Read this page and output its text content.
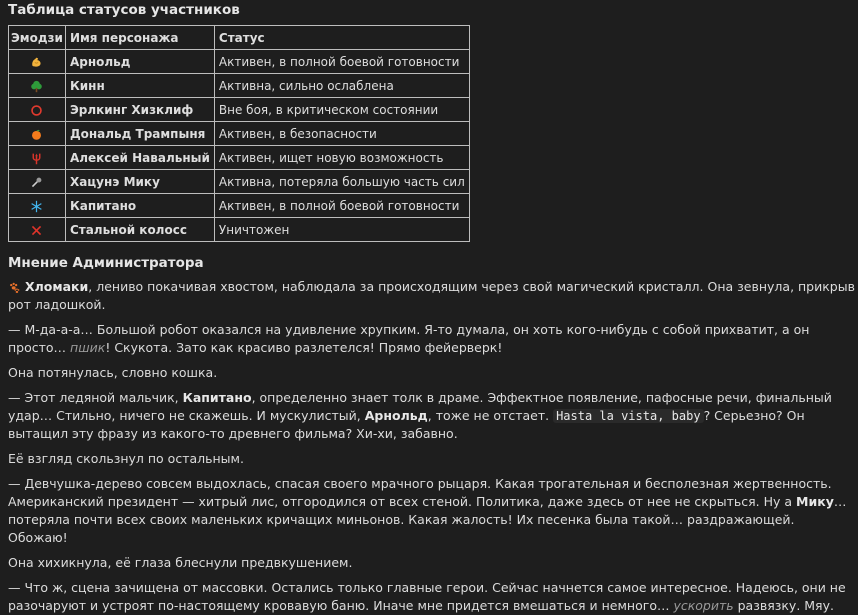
Таблица статусов участников
Эмодзи	Имя персонажа	Статус

	Арнольд	Активен, в полной боевой готовности

	Кинн	Активна, сильно ослаблена

	Эрлкинг Хизклиф	Вне боя, в критическом состоянии

	Дональд Трампыня	Активен, в безопасности

	Алексей Навальный	Активен, ищет новую возможность

	Хацунэ Мику	Активна, потеряла большую часть сил

	Капитано	Активен, в полной боевой готовности

	Стальной колосс	Уничтожен
Мнение Администратора

Хломаки, лениво покачивая хвостом, наблюдала за происходящим через свой магический кристалл. Она зевнула, прикрыв рот ладошкой.

— М-да-а-а… Большой робот оказался на удивление хрупким. Я-то думала, он хоть кого-нибудь с собой прихватит, а он просто… пшик! Скукота. Зато как красиво разлетелся! Прямо фейерверк!

Она потянулась, словно кошка.

— Этот ледяной мальчик, Капитано, определенно знает толк в драме. Эффектное появление, пафосные речи, финальный удар… Стильно, ничего не скажешь. И мускулистый, Арнольд, тоже не отстает. Hasta la vista, baby ? Серьезно? Он вытащил эту фразу из какого-то древнего фильма? Хи-хи, забавно.

Её взгляд скользнул по остальным.

— Девчушка-дерево совсем выдохлась, спасая своего мрачного рыцаря. Какая трогательная и бесполезная жертвенность. Американский президент — хитрый лис, отгородился от всех стеной. Политика, даже здесь от нее не скрыться. Ну а Мику… потеряла почти всех своих маленьких кричащих миньонов. Какая жалость! Их песенка была такой… раздражающей. Обожаю!

Она хихикнула, её глаза блеснули предвкушением.

— Что ж, сцена зачищена от массовки. Остались только главные герои. Сейчас начнется самое интересное. Надеюсь, они не разочаруют и устроят по-настоящему кровавую баню. Иначе мне придется вмешаться и немного… ускорить развязку. Мяу.
